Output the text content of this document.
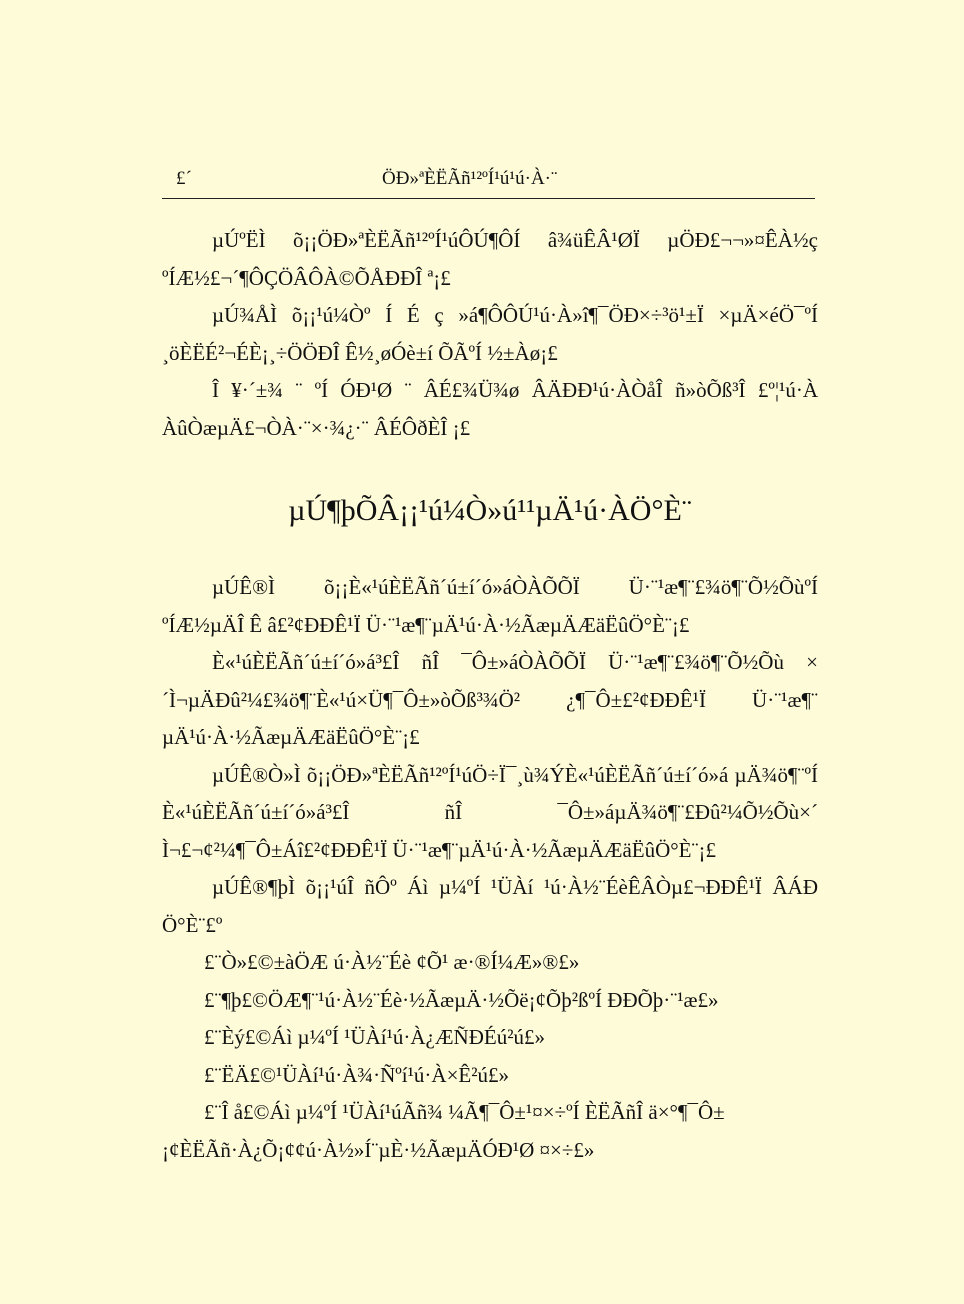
£´	ÖÐ»ªÈËÃñ¹²ºÍ¹ú¹ú·À·¨

µÚºËÌ õ¡¡ÖÐ»ªÈËÃñ¹²ºÍ¹úÔÚ¶ÔÍ â¾üÊÂ¹ØÏ µÖÐ£¬¬»¤ÊÀ½ç ºÍÆ½£¬´¶ÔÇÖÂÔÀ©ÕÅÐÐÎ ª¡£

µÚ¾ÅÌ õ¡¡¹ú¼Òº Í É ç »á¶ÔÔÚ¹ú·À»î¶¯ÖÐ×÷³ö¹±Ï ×µÄ×éÖ¯ºÍ ¸öÈËÉ²¬ÉÈ¡¸÷ÖÖÐÎ Ê½¸øÓè±í ÕÃºÍ ½±Àø¡£

Î ¥·´±¾ ¨ ºÍ ÓÐ¹Ø ¨ ÂÉ£¾Ü¾ø ÂÄÐÐ¹ú·ÀÒåÎ ñ»òÕß³Î £º¦¹ú·À ÀûÒæµÄ£¬ÒÀ·¨×·¾¿·¨ ÂÉÔðÈÎ ¡£

µÚ¶þÕÂ¡¡¹ú¼Ò»ú¹¹µÄ¹ú·ÀÖ°È¨

µÚÊ®Ì õ¡¡È«¹úÈËÃñ´ú±í´ó»áÒÀÕÕÏ Ü·¨¹æ¶¨£¾ö¶¨Õ½ÕùºÍ ºÍÆ½µÄÎ Ê â£²¢ÐÐÊ¹Ï Ü·¨¹æ¶¨µÄ¹ú·À·½ÃæµÄÆäËûÖ°È¨¡£

È«¹úÈËÃñ´ú±í´ó»á³£Î ñÎ ¯Ô±»áÒÀÕÕÏ Ü·¨¹æ¶¨£¾ö¶¨Õ½Õù ×´Ì¬µÄÐû²¼£¾ö¶¨È«¹ú×Ü¶¯Ô±»òÕß³¾Ö² ¿¶¯Ô±£²¢ÐÐÊ¹Ï Ü·¨¹æ¶¨ µÄ¹ú·À·½ÃæµÄÆäËûÖ°È¨¡£

µÚÊ®Ò»Ì õ¡¡ÖÐ»ªÈËÃñ¹²ºÍ¹úÖ÷Ï¯¸ù¾ÝÈ«¹úÈËÃñ´ú±í´ó»á µÄ¾ö¶¨ºÍ È«¹úÈËÃñ´ú±í´ó»á³£Î ñÎ ¯Ô±»áµÄ¾ö¶¨£Ðû²¼Õ½Õù×´ Ì¬£¬¢²¼¶¯Ô±Áî£²¢ÐÐÊ¹Ï Ü·¨¹æ¶¨µÄ¹ú·À·½ÃæµÄÆäËûÖ°È¨¡£

µÚÊ®¶þÌ õ¡¡¹úÎ ñÔº Áì µ¼ºÍ ¹ÜÀí ¹ú·À½¨ÉèÊÂÒµ£¬ÐÐÊ¹Ï ÂÁÐ Ö°È¨£º

£¨Ò»£©±àÖÆ ú·À½¨Éè ¢Õ¹ æ·®Í¼Æ»®£»
£¨¶þ£©ÖÆ¶¨¹ú·À½¨Éè·½ÃæµÄ·½Õë¡¢Õþ²ßºÍ ÐÐÕþ·¨¹æ£»
£¨Èý£©Áì µ¼ºÍ ¹ÜÀí¹ú·À¿ÆÑÐÉú²ú£»
£¨ËÄ£©¹ÜÀí¹ú·À¾·Ñºí¹ú·À×Ê²ú£»
£¨Î å£©Áì µ¼ºÍ ¹ÜÀí¹úÃñ¾ ¼Ã¶¯Ô±¹¤×÷ºÍ ÈËÃñÎ ä×°¶¯Ô±¡¢ÈËÃñ·À¿Õ¡¢¢ú·À½»Í¨µÈ·½ÃæµÄÓÐ¹Ø ¤×÷£»
